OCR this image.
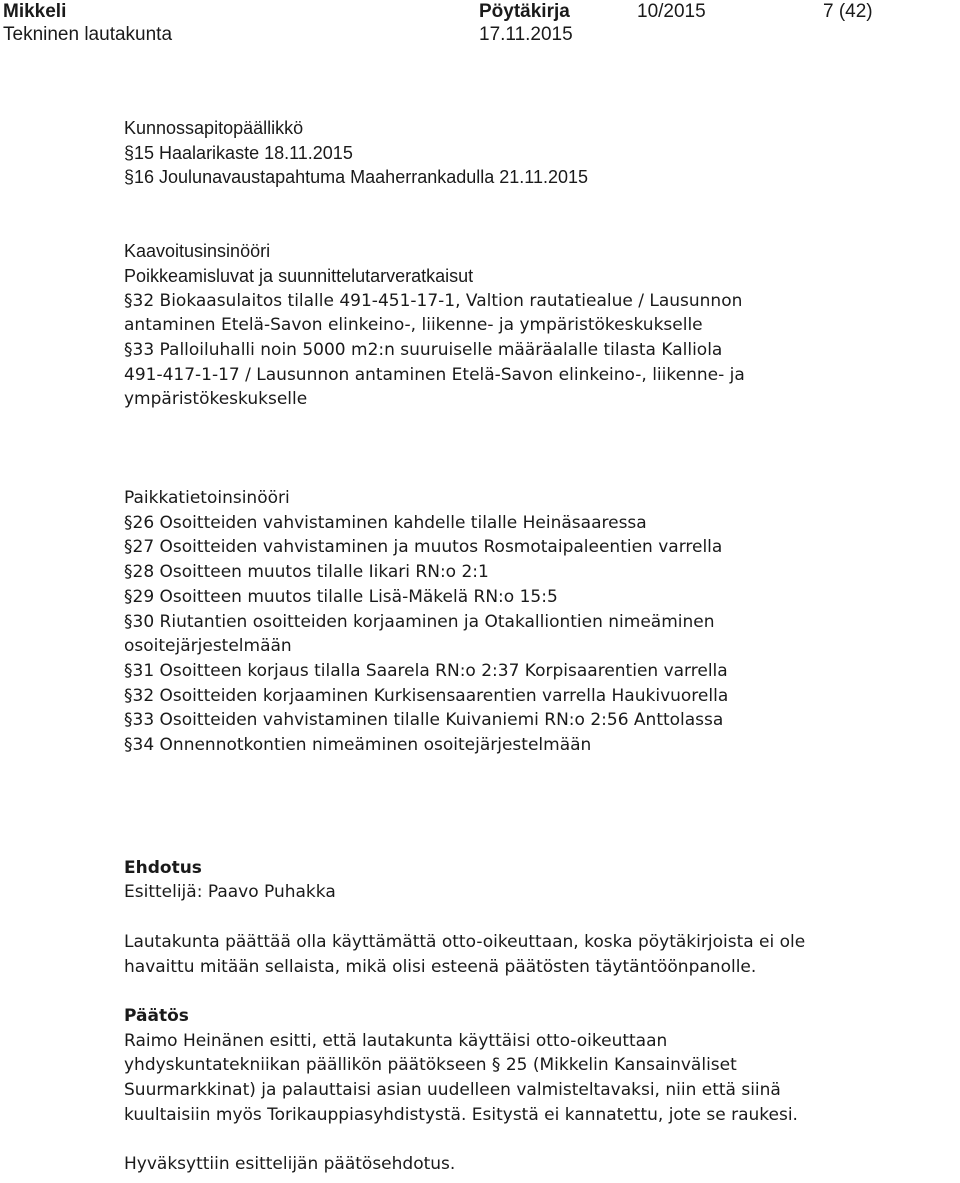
Mikkeli
Tekninen lautakunta
Pöytäkirja
17.11.2015
10/2015	7 (42)

Kunnossapitopäällikkö

§15 Haalarikaste 18.11.2015

§16 Joulunavaustapahtuma Maaherrankadulla 21.11.2015

Kaavoitusinsinööri

Poikkeamisluvat ja suunnittelutarveratkaisut

§32 Biokaasulaitos tilalle 491-451-17-1, Valtion rautatiealue / Lausunnon

antaminen Etelä-Savon elinkeino-, liikenne- ja ympäristökeskukselle

§33 Palloiluhalli noin 5000 m2:n suuruiselle määräalalle tilasta Kalliola

491-417-1-17 / Lausunnon antaminen Etelä-Savon elinkeino-, liikenne- ja

ympäristökeskukselle

Paikkatietoinsinööri

§26 Osoitteiden vahvistaminen kahdelle tilalle Heinäsaaressa

§27 Osoitteiden vahvistaminen ja muutos Rosmotaipaleentien varrella

§28 Osoitteen muutos tilalle Iikari RN:o 2:1

§29 Osoitteen muutos tilalle Lisä-Mäkelä RN:o 15:5

§30 Riutantien osoitteiden korjaaminen ja Otakalliontien nimeäminen

osoitejärjestelmään

§31 Osoitteen korjaus tilalla Saarela RN:o 2:37 Korpisaarentien varrella

§32 Osoitteiden korjaaminen Kurkisensaarentien varrella Haukivuorella

§33 Osoitteiden vahvistaminen tilalle Kuivaniemi RN:o 2:56 Anttolassa

§34 Onnennotkontien nimeäminen osoitejärjestelmään

Ehdotus

Esittelijä: Paavo Puhakka

Lautakunta päättää olla käyttämättä otto-oikeuttaan, koska pöytäkirjoista ei ole

havaittu mitään sellaista, mikä olisi esteenä päätösten täytäntöönpanolle.

Päätös

Raimo Heinänen esitti, että lautakunta käyttäisi otto-oikeuttaan

yhdyskuntatekniikan päällikön päätökseen § 25 (Mikkelin Kansainväliset

Suurmarkkinat) ja palauttaisi asian uudelleen valmisteltavaksi, niin että siinä

kuultaisiin myös Torikauppiasyhdistystä. Esitystä ei kannatettu, jote se raukesi.

Hyväksyttiin esittelijän päätösehdotus.
